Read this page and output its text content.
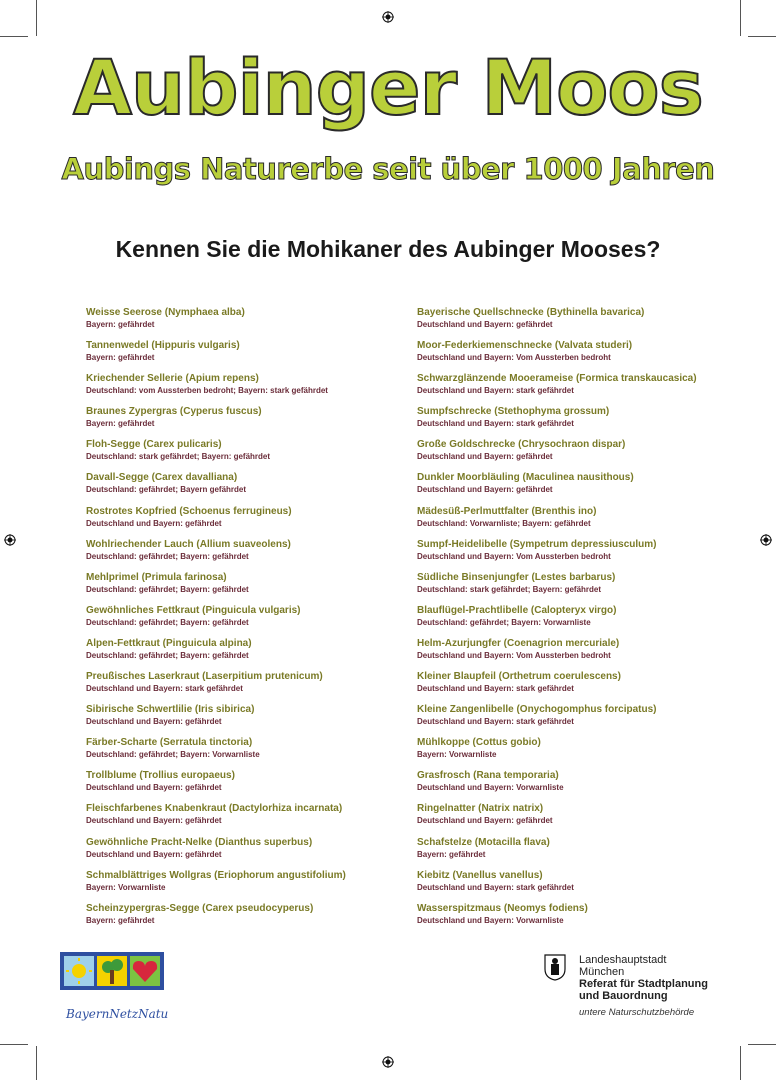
Aubinger Moos
Aubings Naturerbe seit über 1000 Jahren
Kennen Sie die Mohikaner des Aubinger Mooses?
Weisse Seerose (Nymphaea alba)
Bayern: gefährdet
Tannenwedel (Hippuris vulgaris)
Bayern: gefährdet
Kriechender Sellerie (Apium repens)
Deutschland: vom Aussterben bedroht; Bayern: stark gefährdet
Braunes Zypergras (Cyperus fuscus)
Bayern: gefährdet
Floh-Segge (Carex pulicaris)
Deutschland: stark gefährdet; Bayern: gefährdet
Davall-Segge (Carex davalliana)
Deutschland: gefährdet; Bayern gefährdet
Rostrotes Kopfried (Schoenus ferrugineus)
Deutschland und Bayern: gefährdet
Wohlriechender Lauch (Allium suaveolens)
Deutschland: gefährdet; Bayern: gefährdet
Mehlprimel (Primula farinosa)
Deutschland: gefährdet; Bayern: gefährdet
Gewöhnliches Fettkraut (Pinguicula vulgaris)
Deutschland: gefährdet; Bayern: gefährdet
Alpen-Fettkraut (Pinguicula alpina)
Deutschland: gefährdet; Bayern: gefährdet
Preußisches Laserkraut (Laserpitium prutenicum)
Deutschland und Bayern: stark gefährdet
Sibirische Schwertlilie (Iris sibirica)
Deutschland und Bayern: gefährdet
Färber-Scharte (Serratula tinctoria)
Deutschland: gefährdet; Bayern: Vorwarnliste
Trollblume (Trollius europaeus)
Deutschland und Bayern: gefährdet
Fleischfarbenes Knabenkraut (Dactylorhiza incarnata)
Deutschland und Bayern: gefährdet
Gewöhnliche Pracht-Nelke (Dianthus superbus)
Deutschland und Bayern: gefährdet
Schmalblättriges Wollgras (Eriophorum angustifolium)
Bayern: Vorwarnliste
Scheinzypergras-Segge (Carex pseudocyperus)
Bayern: gefährdet
Bayerische Quellschnecke (Bythinella bavarica)
Deutschland und Bayern: gefährdet
Moor-Federkiemenschnecke (Valvata studeri)
Deutschland und Bayern: Vom Aussterben bedroht
Schwarzglänzende Mooerameise (Formica transkaucasica)
Deutschland und Bayern: stark gefährdet
Sumpfschrecke (Stethophyma grossum)
Deutschland und Bayern: stark gefährdet
Große Goldschrecke (Chrysochraon dispar)
Deutschland und Bayern: gefährdet
Dunkler Moorbläuling (Maculinea nausithous)
Deutschland und Bayern: gefährdet
Mädesüß-Perlmuttfalter (Brenthis ino)
Deutschland: Vorwarnliste; Bayern: gefährdet
Sumpf-Heidelibelle (Sympetrum depressiusculum)
Deutschland und Bayern: Vom Aussterben bedroht
Südliche Binsenjungfer (Lestes barbarus)
Deutschland: stark gefährdet; Bayern: gefährdet
Blauflügel-Prachtlibelle (Calopteryx virgo)
Deutschland: gefährdet; Bayern: Vorwarnliste
Helm-Azurjungfer (Coenagrion mercuriale)
Deutschland und Bayern: Vom Aussterben bedroht
Kleiner Blaupfeil (Orthetrum coerulescens)
Deutschland und Bayern: stark gefährdet
Kleine Zangenlibelle (Onychogomphus forcipatus)
Deutschland und Bayern: stark gefährdet
Mühlkoppe (Cottus gobio)
Bayern: Vorwarnliste
Grasfrosch (Rana temporaria)
Deutschland und Bayern: Vorwarnliste
Ringelnatter (Natrix natrix)
Deutschland und Bayern: gefährdet
Schafstelze (Motacilla flava)
Bayern: gefährdet
Kiebitz (Vanellus vanellus)
Deutschland und Bayern: stark gefährdet
Wasserspitzmaus (Neomys fodiens)
Deutschland und Bayern: Vorwarnliste
BayernNetzNatur
Landeshauptstadt
München
Referat für Stadtplanung
und Bauordnung
untere Naturschutzbehörde
